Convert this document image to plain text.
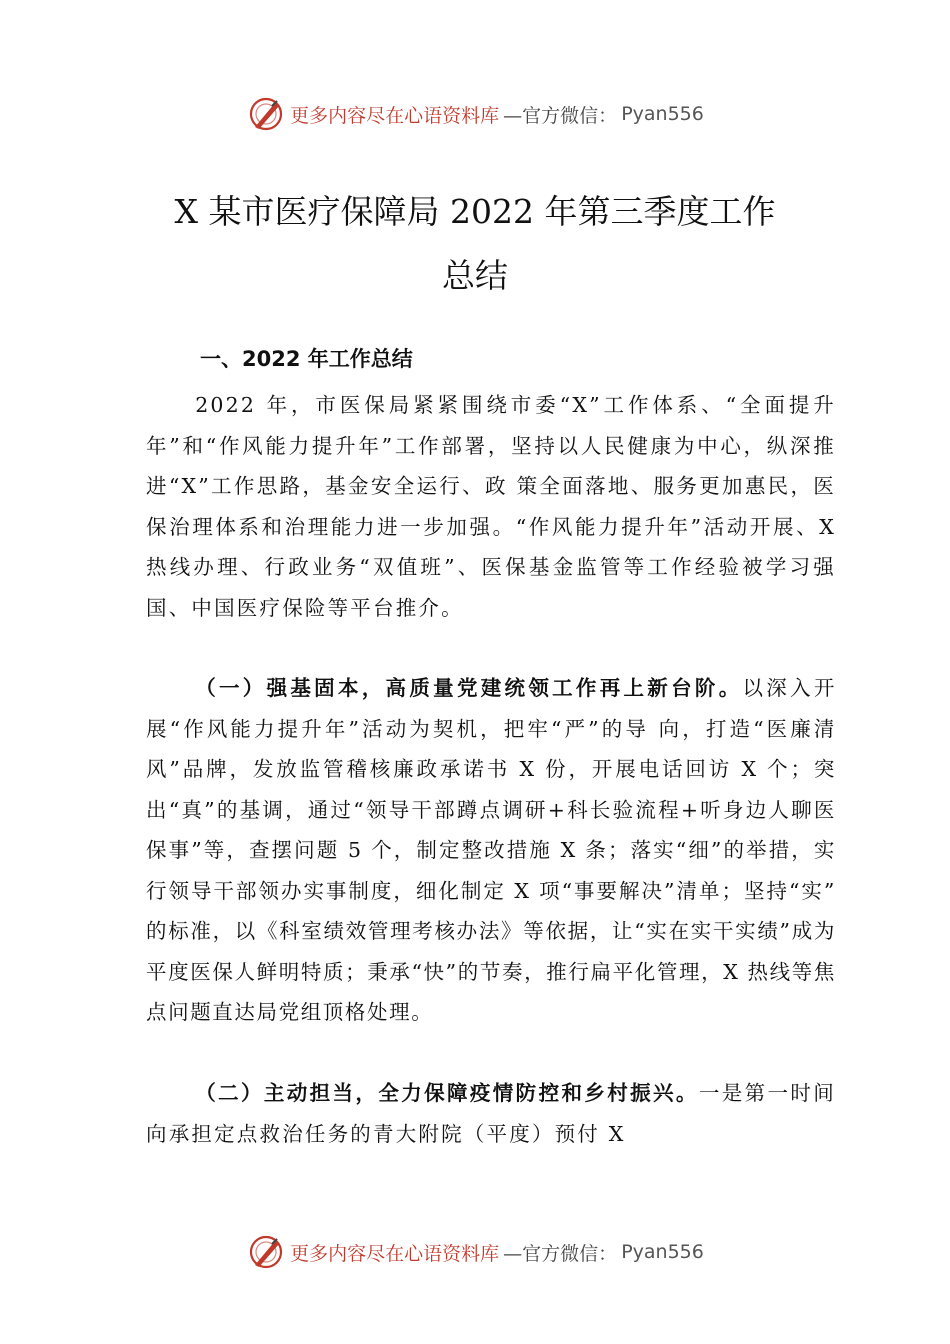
更多内容尽在心语资料库 —官方微信： Pyan556
X 某市医疗保障局 2022 年第三季度工作
总结
一、2022 年工作总结
2022 年，市医保局紧紧围绕市委“X”工作体系、“全面提升年”和“作风能力提升年”工作部署，坚持以人民健康为中心，纵深推进“X”工作思路，基金安全运行、政 策全面落地、服务更加惠民，医保治理体系和治理能力进一步加强。“作风能力提升年”活动开展、X 热线办理、行政业务“双值班”、医保基金监管等工作经验被学习强国、中国医疗保险等平台推介。
（一）强基固本，高质量党建统领工作再上新台阶。以深入开展“作风能力提升年”活动为契机，把牢“严”的导 向，打造“医廉清风”品牌，发放监管稽核廉政承诺书 X 份，开展电话回访 X 个；突出“真”的基调，通过“领导干部蹲点调研+科长验流程+听身边人聊医保事”等，查摆问题 5 个，制定整改措施 X 条；落实“细”的举措，实行领导干部领办实事制度，细化制定 X 项“事要解决”清单；坚持“实” 的标准，以《科室绩效管理考核办法》等依据，让“实在实干实绩”成为平度医保人鲜明特质；秉承“快”的节奏，推行扁平化管理，X 热线等焦点问题直达局党组顶格处理。
（二）主动担当，全力保障疫情防控和乡村振兴。一是第一时间向承担定点救治任务的青大附院（平度）预付 X
更多内容尽在心语资料库 —官方微信： Pyan556
